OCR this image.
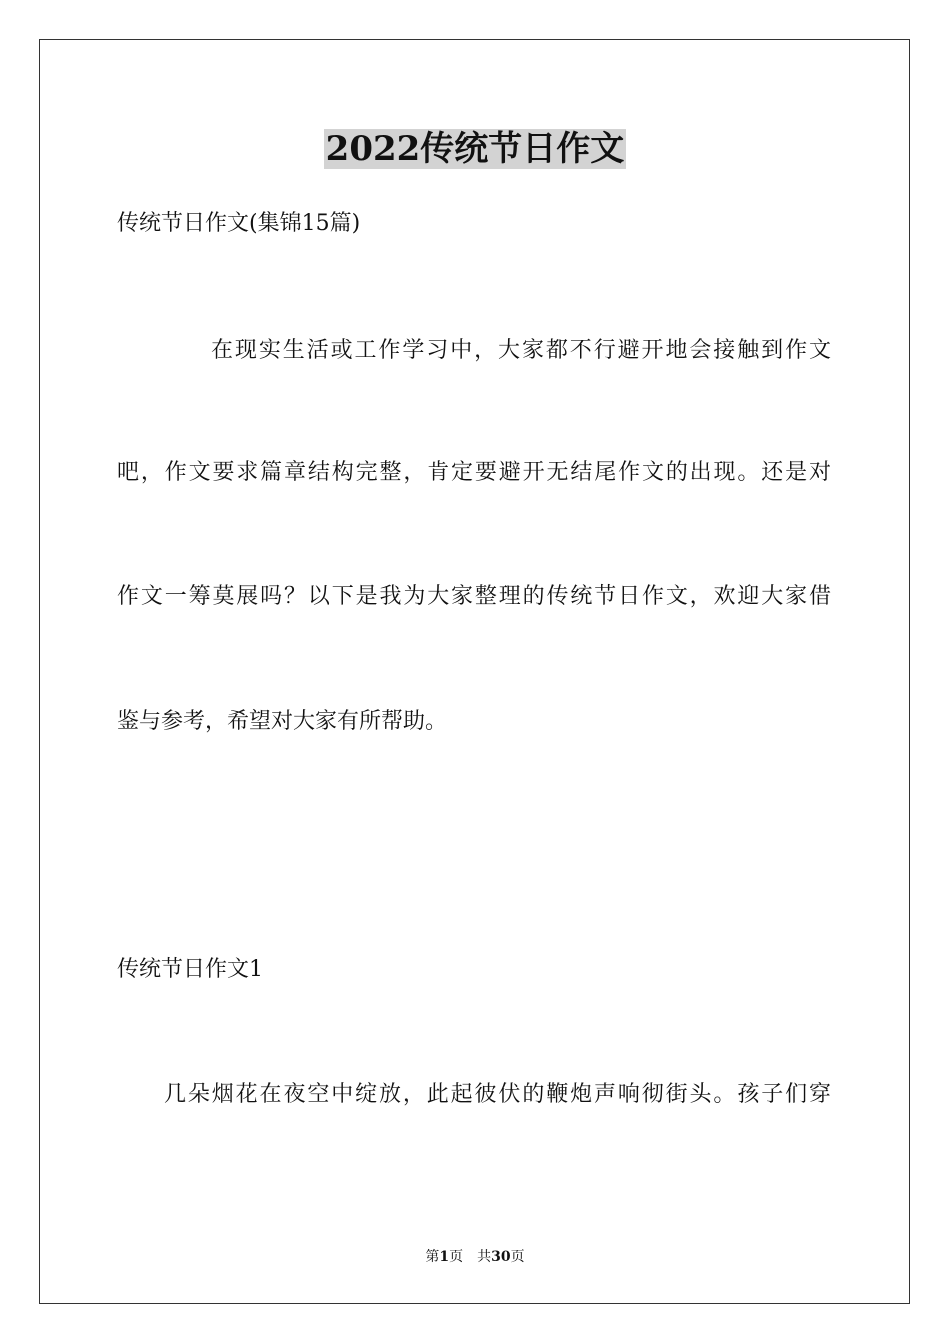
2022传统节日作文
传统节日作文(集锦15篇)
在现实生活或工作学习中，大家都不行避开地会接触到作文
吧，作文要求篇章结构完整，肯定要避开无结尾作文的出现。还是对
作文一筹莫展吗？以下是我为大家整理的传统节日作文，欢迎大家借
鉴与参考，希望对大家有所帮助。
传统节日作文1
几朵烟花在夜空中绽放，此起彼伏的鞭炮声响彻街头。孩子们穿
第1页　共30页
